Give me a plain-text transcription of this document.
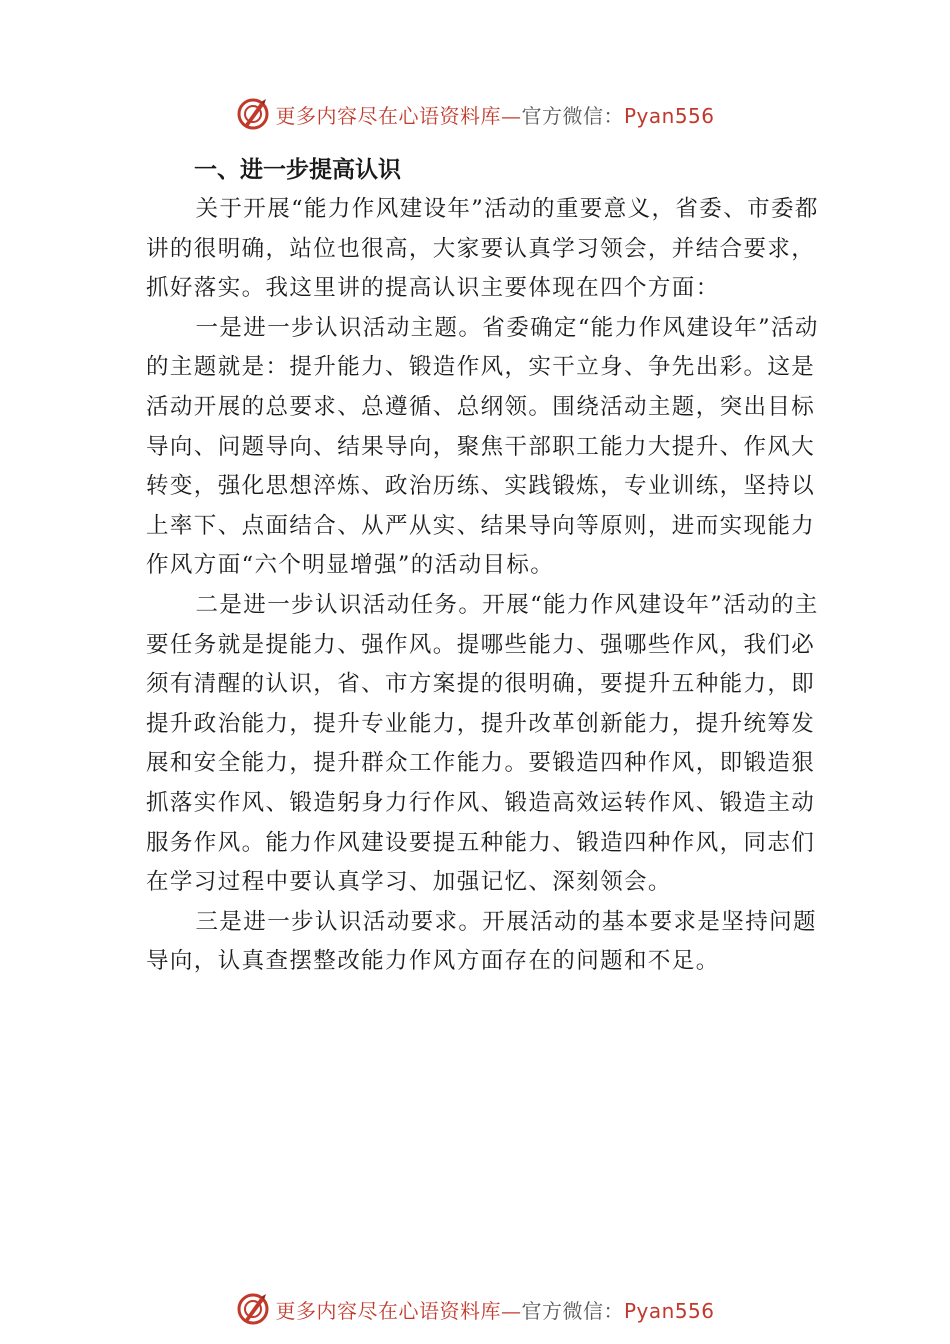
更多内容尽在心语资料库—官方微信：Pyan556
一、进一步提高认识

关于开展“能力作风建设年”活动的重要意义，省委、市委都讲的很明确，站位也很高，大家要认真学习领会，并结合要求，抓好落实。我这里讲的提高认识主要体现在四个方面：

一是进一步认识活动主题。省委确定“能力作风建设年”活动的主题就是：提升能力、锻造作风，实干立身、争先出彩。这是活动开展的总要求、总遵循、总纲领。围绕活动主题，突出目标导向、问题导向、结果导向，聚焦干部职工能力大提升、作风大转变，强化思想淬炼、政治历练、实践锻炼，专业训练，坚持以上率下、点面结合、从严从实、结果导向等原则，进而实现能力作风方面“六个明显增强”的活动目标。

二是进一步认识活动任务。开展“能力作风建设年”活动的主要任务就是提能力、强作风。提哪些能力、强哪些作风，我们必须有清醒的认识，省、市方案提的很明确，要提升五种能力，即提升政治能力，提升专业能力，提升改革创新能力，提升统筹发展和安全能力，提升群众工作能力。要锻造四种作风，即锻造狠抓落实作风、锻造躬身力行作风、锻造高效运转作风、锻造主动服务作风。能力作风建设要提五种能力、锻造四种作风，同志们在学习过程中要认真学习、加强记忆、深刻领会。

三是进一步认识活动要求。开展活动的基本要求是坚持问题导向，认真查摆整改能力作风方面存在的问题和不足。

更多内容尽在心语资料库—官方微信：Pyan556
